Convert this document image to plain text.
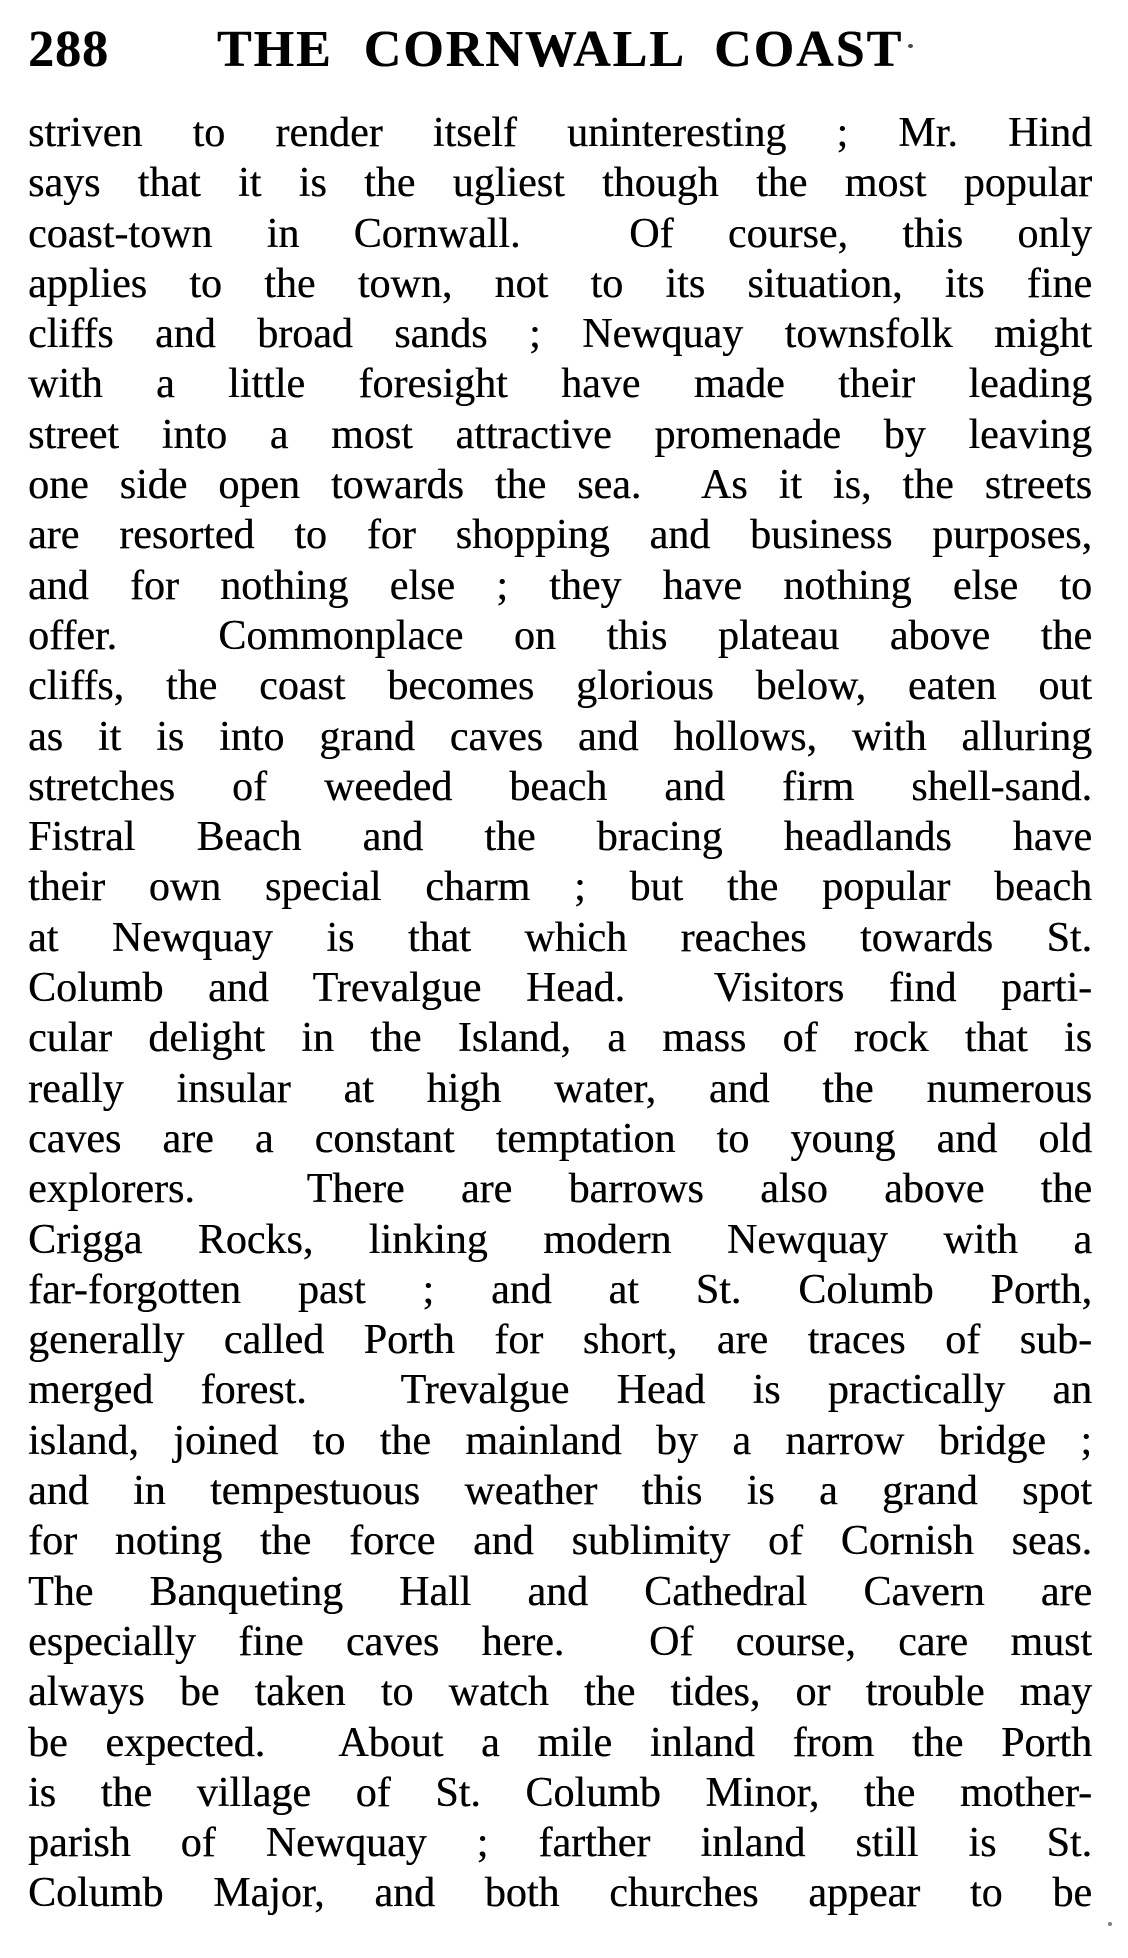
288	THE CORNWALL COAST
striven to render itself uninteresting ; Mr. Hind
says that it is the ugliest though the most popular
coast-town in Cornwall.  Of course, this only
applies to the town, not to its situation, its fine
cliffs and broad sands ; Newquay townsfolk might
with a little foresight have made their leading
street into a most attractive promenade by leaving
one side open towards the sea.  As it is, the streets
are resorted to for shopping and business purposes,
and for nothing else ; they have nothing else to
offer.  Commonplace on this plateau above the
cliffs, the coast becomes glorious below, eaten out
as it is into grand caves and hollows, with alluring
stretches of weeded beach and firm shell-sand.
Fistral Beach and the bracing headlands have
their own special charm ; but the popular beach
at Newquay is that which reaches towards St.
Columb and Trevalgue Head.  Visitors find parti-
cular delight in the Island, a mass of rock that is
really insular at high water, and the numerous
caves are a constant temptation to young and old
explorers.  There are barrows also above the
Crigga Rocks, linking modern Newquay with a
far-forgotten past ; and at St. Columb Porth,
generally called Porth for short, are traces of sub-
merged forest.  Trevalgue Head is practically an
island, joined to the mainland by a narrow bridge ;
and in tempestuous weather this is a grand spot
for noting the force and sublimity of Cornish seas.
The Banqueting Hall and Cathedral Cavern are
especially fine caves here.  Of course, care must
always be taken to watch the tides, or trouble may
be expected.  About a mile inland from the Porth
is the village of St. Columb Minor, the mother-
parish of Newquay ; farther inland still is St.
Columb Major, and both churches appear to be
